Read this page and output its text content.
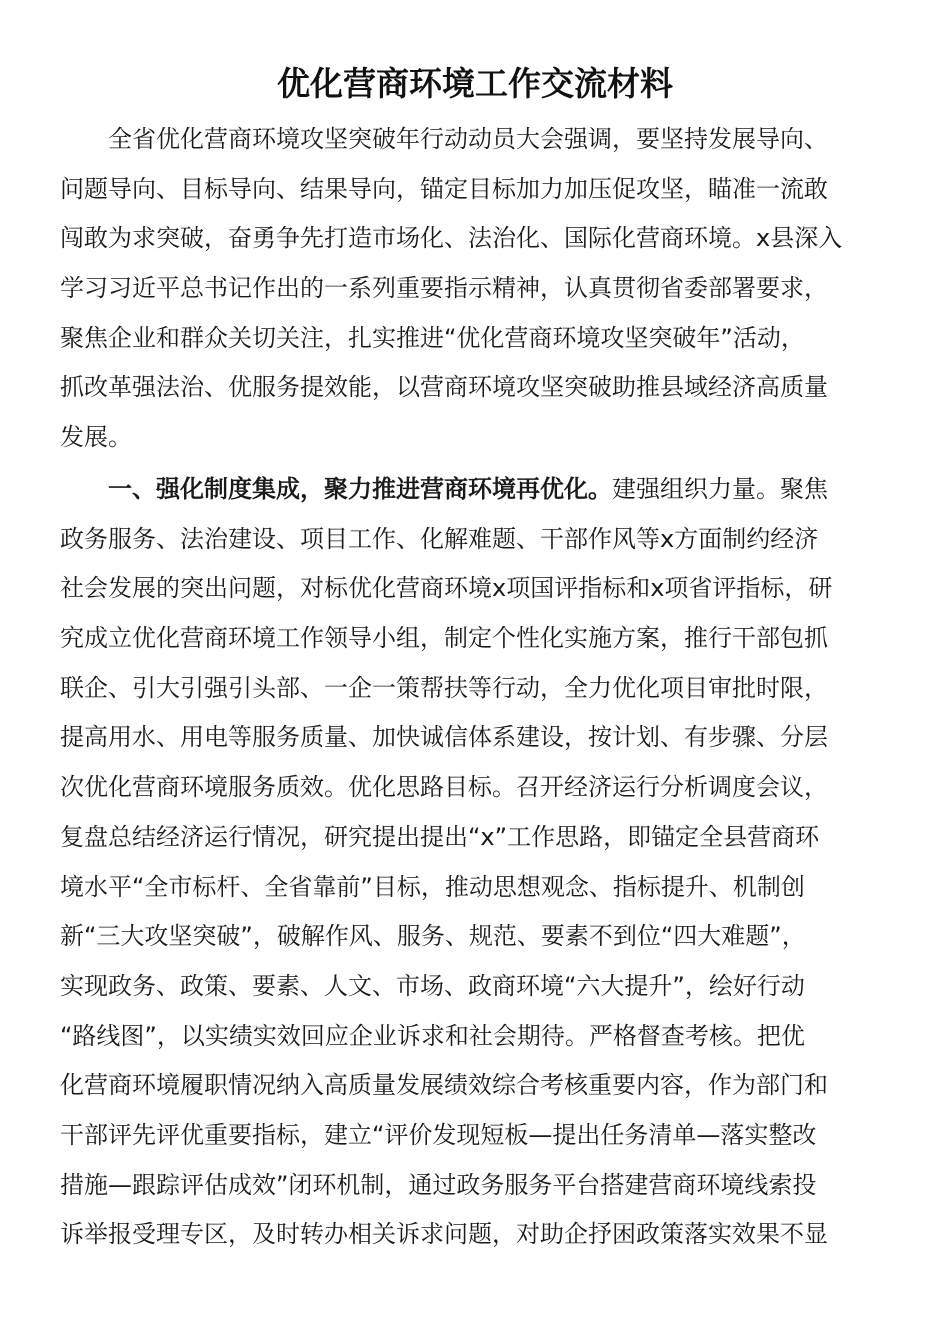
优化营商环境工作交流材料
全省优化营商环境攻坚突破年行动动员大会强调，要坚持发展导向、
问题导向、目标导向、结果导向，锚定目标加力加压促攻坚，瞄准一流敢
闯敢为求突破，奋勇争先打造市场化、法治化、国际化营商环境。x县深入
学习习近平总书记作出的一系列重要指示精神，认真贯彻省委部署要求，
聚焦企业和群众关切关注，扎实推进“优化营商环境攻坚突破年”活动，
抓改革强法治、优服务提效能，以营商环境攻坚突破助推县域经济高质量
发展。
一、强化制度集成，聚力推进营商环境再优化。建强组织力量。聚焦
政务服务、法治建设、项目工作、化解难题、干部作风等x方面制约经济
社会发展的突出问题，对标优化营商环境x项国评指标和x项省评指标，研
究成立优化营商环境工作领导小组，制定个性化实施方案，推行干部包抓
联企、引大引强引头部、一企一策帮扶等行动，全力优化项目审批时限，
提高用水、用电等服务质量、加快诚信体系建设，按计划、有步骤、分层
次优化营商环境服务质效。优化思路目标。召开经济运行分析调度会议，
复盘总结经济运行情况，研究提出提出“x”工作思路，即锚定全县营商环
境水平“全市标杆、全省靠前”目标，推动思想观念、指标提升、机制创
新“三大攻坚突破”，破解作风、服务、规范、要素不到位“四大难题”，
实现政务、政策、要素、人文、市场、政商环境“六大提升”，绘好行动
“路线图”，以实绩实效回应企业诉求和社会期待。严格督查考核。把优
化营商环境履职情况纳入高质量发展绩效综合考核重要内容，作为部门和
干部评先评优重要指标，建立“评价发现短板—提出任务清单—落实整改
措施—跟踪评估成效”闭环机制，通过政务服务平台搭建营商环境线索投
诉举报受理专区，及时转办相关诉求问题，对助企抒困政策落实效果不显
